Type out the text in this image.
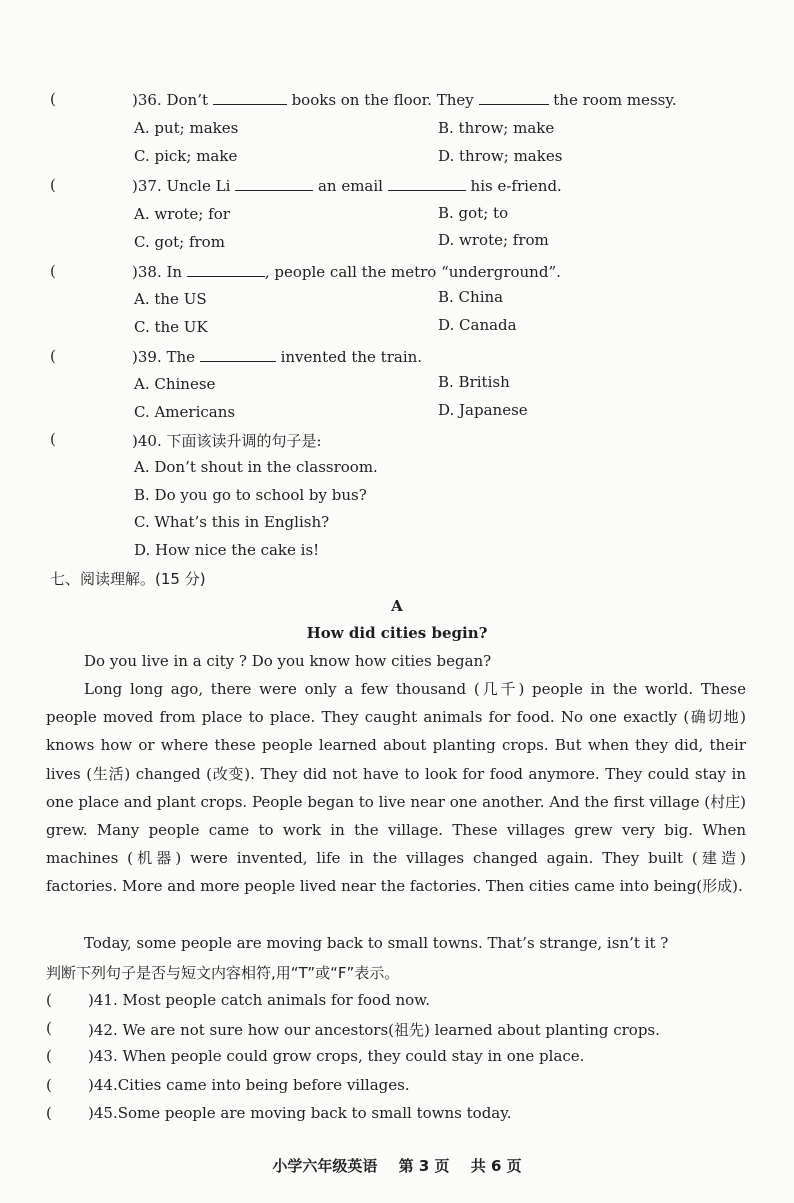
(	)36. Don’t	books on the floor. They	the room messy.
A. put; makes	B. throw; make
C. pick; make	D. throw; makes
(	)37. Uncle Li	an email	his e-friend.
A. wrote; for	B. got; to
C. got; from	D. wrote; from
(	)38. In	, people call the metro “underground”.
A. the US	B. China
C. the UK	D. Canada
(	)39. The	invented the train.
A. Chinese	B. British
C. Americans	D. Japanese
(	)40. 下面该读升调的句子是:
A. Don’t shout in the classroom.
B. Do you go to school by bus?
C. What’s this in English?
D. How nice the cake is!
七、阅读理解。(15 分)
A
How did cities begin?
Do you live in a city ? Do you know how cities began?
Long long ago, there were only a few thousand (几千) people in the world. These people moved from place to place. They caught animals for food. No one exactly (确切地) knows how or where these people learned about planting crops. But when they did, their lives (生活) changed (改变). They did not have to look for food anymore. They could stay in one place and plant crops. People began to live near one another. And the first village (村庄) grew. Many people came to work in the village. These villages grew very big. When machines (机器) were invented, life in the villages changed again. They built (建造) factories. More and more people lived near the factories. Then cities came into being(形成).
Today, some people are moving back to small towns. That’s strange, isn’t it ?
判断下列句子是否与短文内容相符,用“T”或“F”表示。
( )41. Most people catch animals for food now.
( )42. We are not sure how our ancestors(祖先) learned about planting crops.
( )43. When people could grow crops, they could stay in one place.
( )44.Cities came into being before villages.
( )45.Some people are moving back to small towns today.
小学六年级英语 第 3 页 共 6 页
